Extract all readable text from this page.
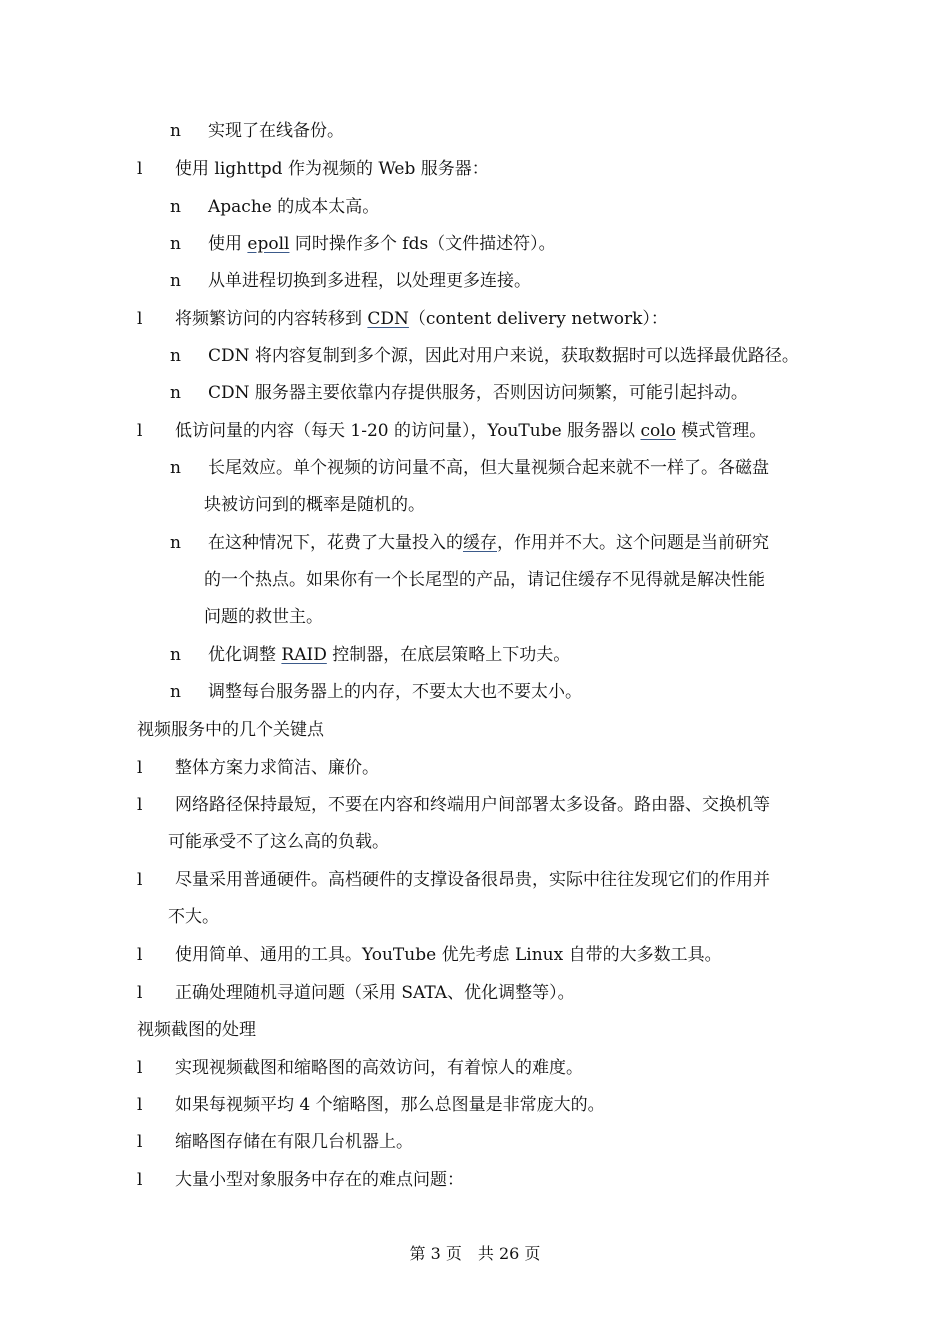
n 实现了在线备份。
l 使用 lighttpd 作为视频的 Web 服务器：
n Apache 的成本太高。
n 使用 epoll 同时操作多个 fds（文件描述符）。
n 从单进程切换到多进程，以处理更多连接。
l 将频繁访问的内容转移到 CDN（content delivery network）：
n CDN 将内容复制到多个源，因此对用户来说，获取数据时可以选择最优路径。
n CDN 服务器主要依靠内存提供服务，否则因访问频繁，可能引起抖动。
l 低访问量的内容（每天 1-20 的访问量），YouTube 服务器以 colo 模式管理。
n 长尾效应。单个视频的访问量不高，但大量视频合起来就不一样了。各磁盘
块被访问到的概率是随机的。
n 在这种情况下，花费了大量投入的缓存，作用并不大。这个问题是当前研究
的一个热点。如果你有一个长尾型的产品，请记住缓存不见得就是解决性能
问题的救世主。
n 优化调整 RAID 控制器，在底层策略上下功夫。
n 调整每台服务器上的内存，不要太大也不要太小。
视频服务中的几个关键点
l 整体方案力求简洁、廉价。
l 网络路径保持最短，不要在内容和终端用户间部署太多设备。路由器、交换机等
可能承受不了这么高的负载。
l 尽量采用普通硬件。高档硬件的支撑设备很昂贵，实际中往往发现它们的作用并
不大。
l 使用简单、通用的工具。YouTube 优先考虑 Linux 自带的大多数工具。
l 正确处理随机寻道问题（采用 SATA、优化调整等）。
视频截图的处理
l 实现视频截图和缩略图的高效访问，有着惊人的难度。
l 如果每视频平均 4 个缩略图，那么总图量是非常庞大的。
l 缩略图存储在有限几台机器上。
l 大量小型对象服务中存在的难点问题：
第 3 页　共 26 页
